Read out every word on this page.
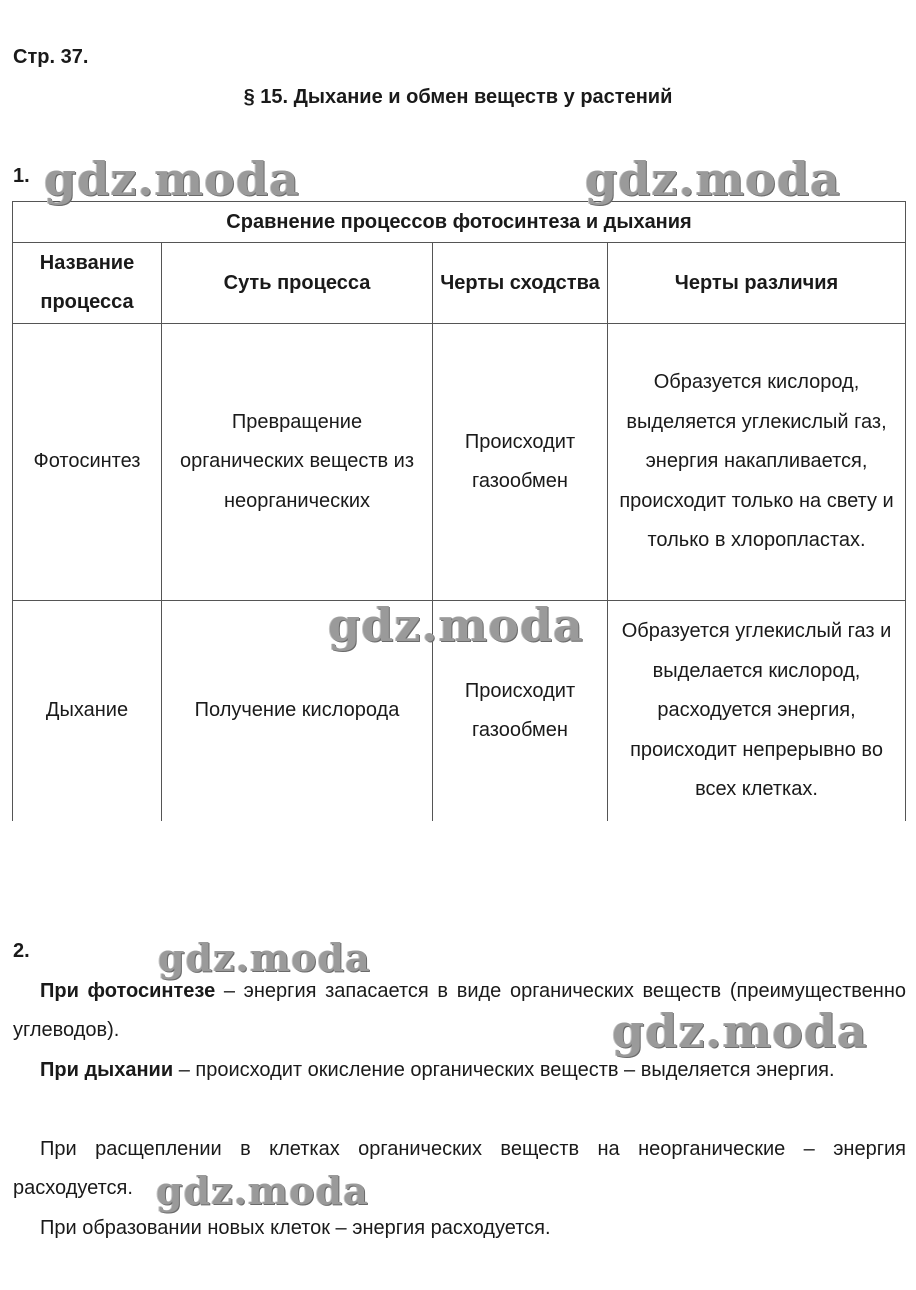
Стр. 37.
§ 15. Дыхание и обмен веществ у растений
1.
Сравнение процессов фотосинтеза и дыхания			
Название процесса	Суть процесса	Черты сходства	Черты различия
Фотосинтез	Превращение органических веществ из неорганических	Происходит газообмен	Образуется кислород, выделяется углекислый газ, энергия накапливается, происходит только на свету и только в хлоропластах.
Дыхание	Получение кислорода	Происходит газообмен	Образуется углекислый газ и выделается кислород, расходуется энергия, происходит непрерывно во всех клетках.
2.
При фотосинтезе – энергия запасается в виде органических веществ (преимущественно углеводов).
При дыхании – происходит окисление органических веществ – выделяется энергия.
При расщеплении в клетках органических веществ на неорганические – энергия расходуется.
При образовании новых клеток – энергия расходуется.
gdz.moda	gdz.moda
gdz.moda
gdz.moda
gdz.moda
gdz.moda
